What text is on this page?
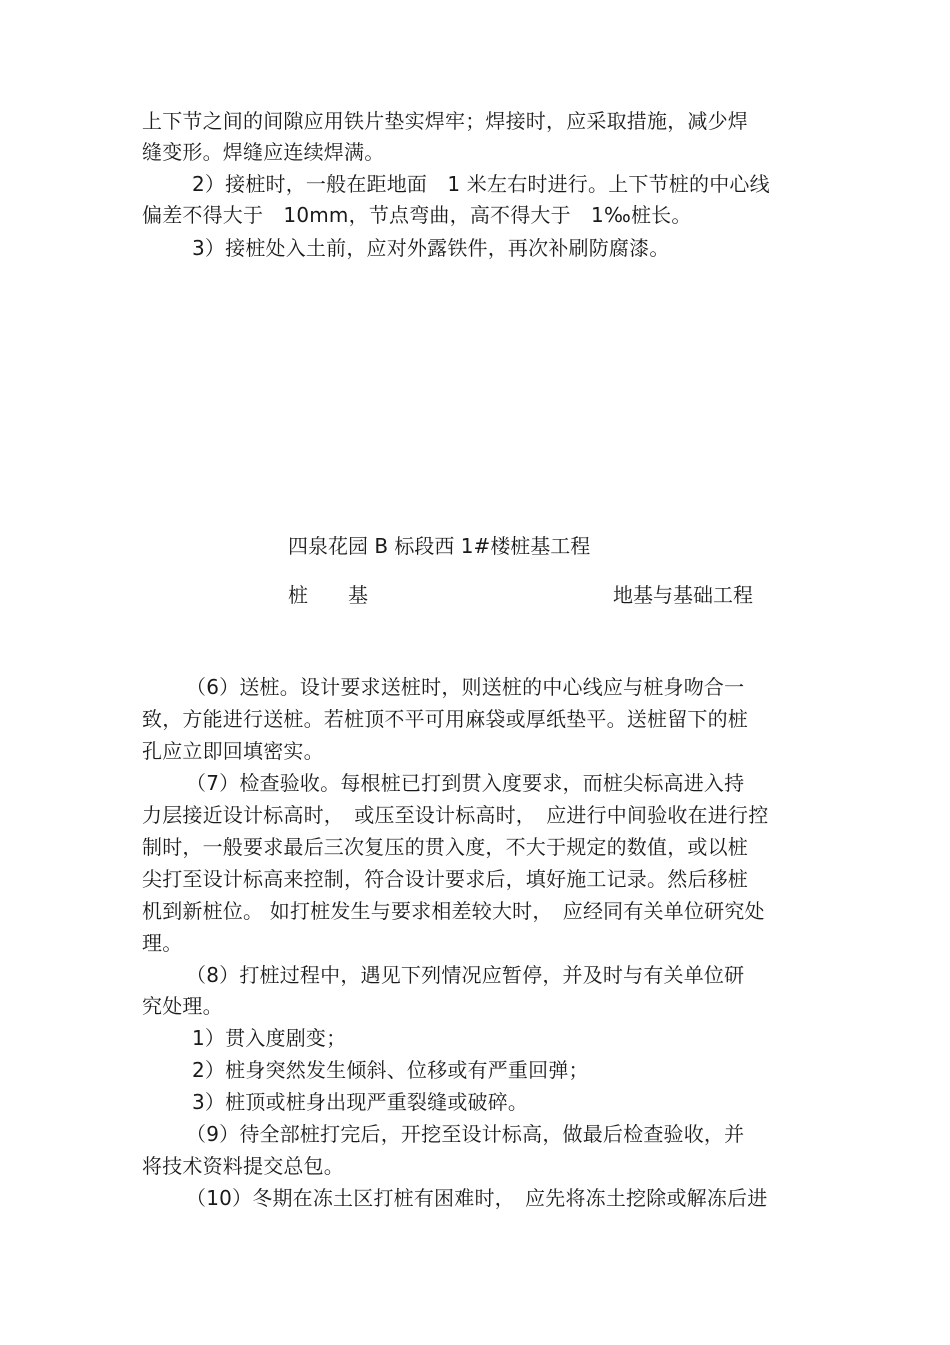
上下节之间的间隙应用铁片垫实焊牢；焊接时，应采取措施，减少焊
缝变形。焊缝应连续焊满。
2）接桩时，一般在距地面　1 米左右时进行。上下节桩的中心线
偏差不得大于　10mm，节点弯曲，高不得大于　1‰桩长。
3）接桩处入土前，应对外露铁件，再次补刷防腐漆。
四泉花园 B 标段西 1#楼桩基工程
桩　　基	地基与基础工程
（6）送桩。设计要求送桩时，则送桩的中心线应与桩身吻合一
致，方能进行送桩。若桩顶不平可用麻袋或厚纸垫平。送桩留下的桩
孔应立即回填密实。
（7）检查验收。每根桩已打到贯入度要求，而桩尖标高进入持
力层接近设计标高时，　或压至设计标高时，　应进行中间验收在进行控
制时，一般要求最后三次复压的贯入度，不大于规定的数值，或以桩
尖打至设计标高来控制，符合设计要求后，填好施工记录。然后移桩
机到新桩位。 如打桩发生与要求相差较大时，　应经同有关单位研究处
理。
（8）打桩过程中，遇见下列情况应暂停，并及时与有关单位研
究处理。
1）贯入度剧变；
2）桩身突然发生倾斜、位移或有严重回弹；
3）桩顶或桩身出现严重裂缝或破碎。
（9）待全部桩打完后，开挖至设计标高，做最后检查验收，并
将技术资料提交总包。
（10）冬期在冻土区打桩有困难时，　应先将冻土挖除或解冻后进
